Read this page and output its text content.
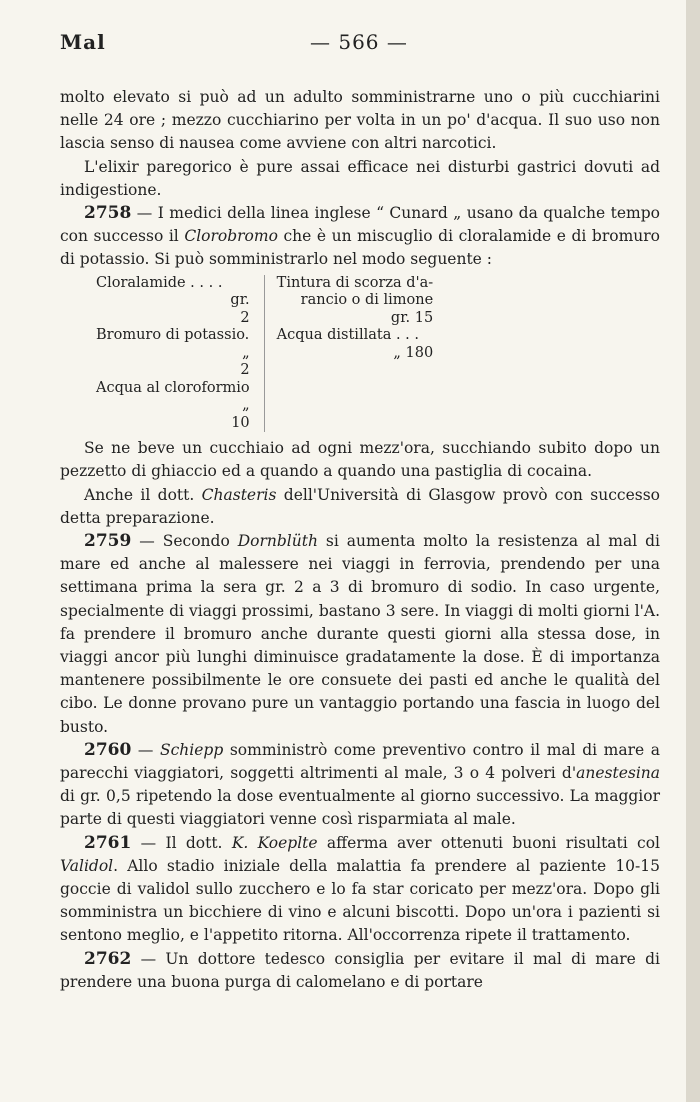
Mal	— 566 —

molto elevato si può ad un adulto somministrarne uno o più cucchiarini nelle 24 ore ; mezzo cucchiarino per volta in un po' d'acqua. Il suo uso non lascia senso di nausea come avviene con altri narcotici.

L'elixir paregorico è pure assai efficace nei disturbi gastrici dovuti ad indigestione.

2758 — I medici della linea inglese “ Cunard „ usano da qualche tempo con successo il Clorobromo che è un miscuglio di cloralamide e di bromuro di potassio. Si può somministrarlo nel modo seguente :

Cloralamide . . . .
gr.
2
Bromuro di potassio.
„
2
Acqua al cloroformio
„
10
Tintura di scorza d'a-
rancio o di limone
gr. 15
Acqua distillata . . .
„ 180

Se ne beve un cucchiaio ad ogni mezz'ora, succhiando subito dopo un pezzetto di ghiaccio ed a quando a quando una pastiglia di cocaina.

Anche il dott. Chasteris dell'Università di Glasgow provò con successo detta preparazione.

2759 — Secondo Dornblüth si aumenta molto la resistenza al mal di mare ed anche al malessere nei viaggi in ferrovia, prendendo per una settimana prima la sera gr. 2 a 3 di bromuro di sodio. In caso urgente, specialmente di viaggi prossimi, bastano 3 sere. In viaggi di molti giorni l'A. fa prendere il bromuro anche durante questi giorni alla stessa dose, in viaggi ancor più lunghi diminuisce gradatamente la dose. È di importanza mantenere possibilmente le ore consuete dei pasti ed anche le qualità del cibo. Le donne provano pure un vantaggio portando una fascia in luogo del busto.

2760 — Schiepp somministrò come preventivo contro il mal di mare a parecchi viaggiatori, soggetti altrimenti al male, 3 o 4 polveri d'anestesina di gr. 0,5 ripetendo la dose eventualmente al giorno successivo. La maggior parte di questi viaggiatori venne così risparmiata al male.

2761 — Il dott. K. Koeplte afferma aver ottenuti buoni risultati col Validol. Allo stadio iniziale della malattia fa prendere al paziente 10-15 goccie di validol sullo zucchero e lo fa star coricato per mezz'ora. Dopo gli somministra un bicchiere di vino e alcuni biscotti. Dopo un'ora i pazienti si sentono meglio, e l'appetito ritorna. All'occorrenza ripete il trattamento.

2762 — Un dottore tedesco consiglia per evitare il mal di mare di prendere una buona purga di calomelano e di portare
